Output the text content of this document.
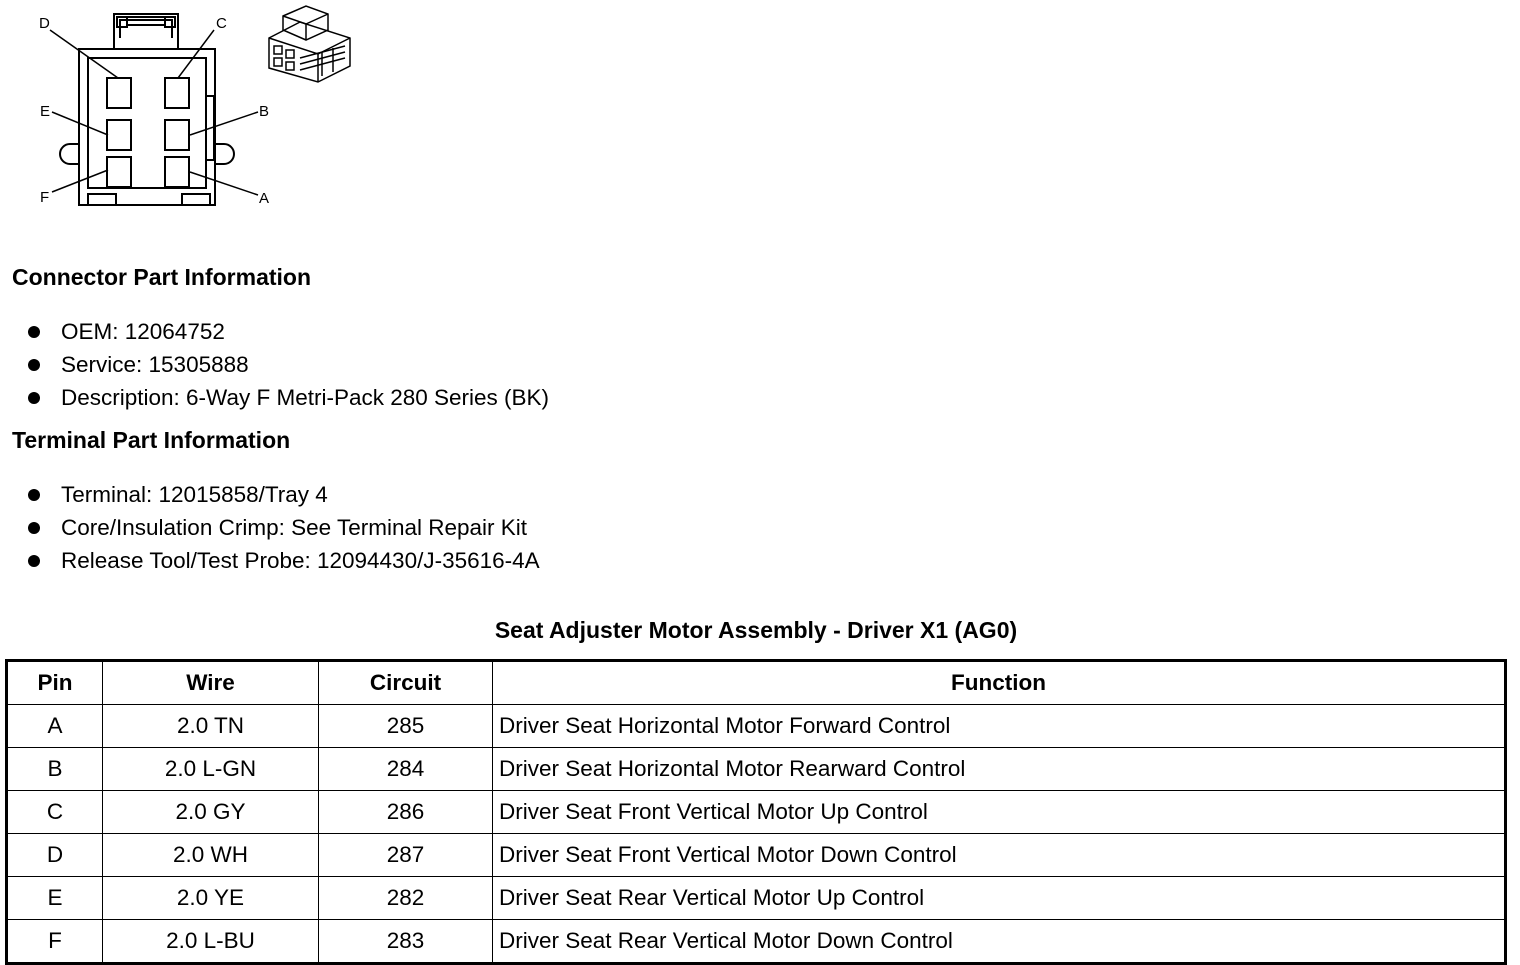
D	C
E	B
F	A
Connector Part Information
OEM: 12064752
Service: 15305888
Description: 6-Way F Metri-Pack 280 Series (BK)
Terminal Part Information
Terminal: 12015858/Tray 4
Core/Insulation Crimp: See Terminal Repair Kit
Release Tool/Test Probe: 12094430/J-35616-4A
Seat Adjuster Motor Assembly - Driver X1 (AG0)
Pin	Wire	Circuit	Function
A	2.0 TN	285	Driver Seat Horizontal Motor Forward Control
B	2.0 L-GN	284	Driver Seat Horizontal Motor Rearward Control
C	2.0 GY	286	Driver Seat Front Vertical Motor Up Control
D	2.0 WH	287	Driver Seat Front Vertical Motor Down Control
E	2.0 YE	282	Driver Seat Rear Vertical Motor Up Control
F	2.0 L-BU	283	Driver Seat Rear Vertical Motor Down Control
